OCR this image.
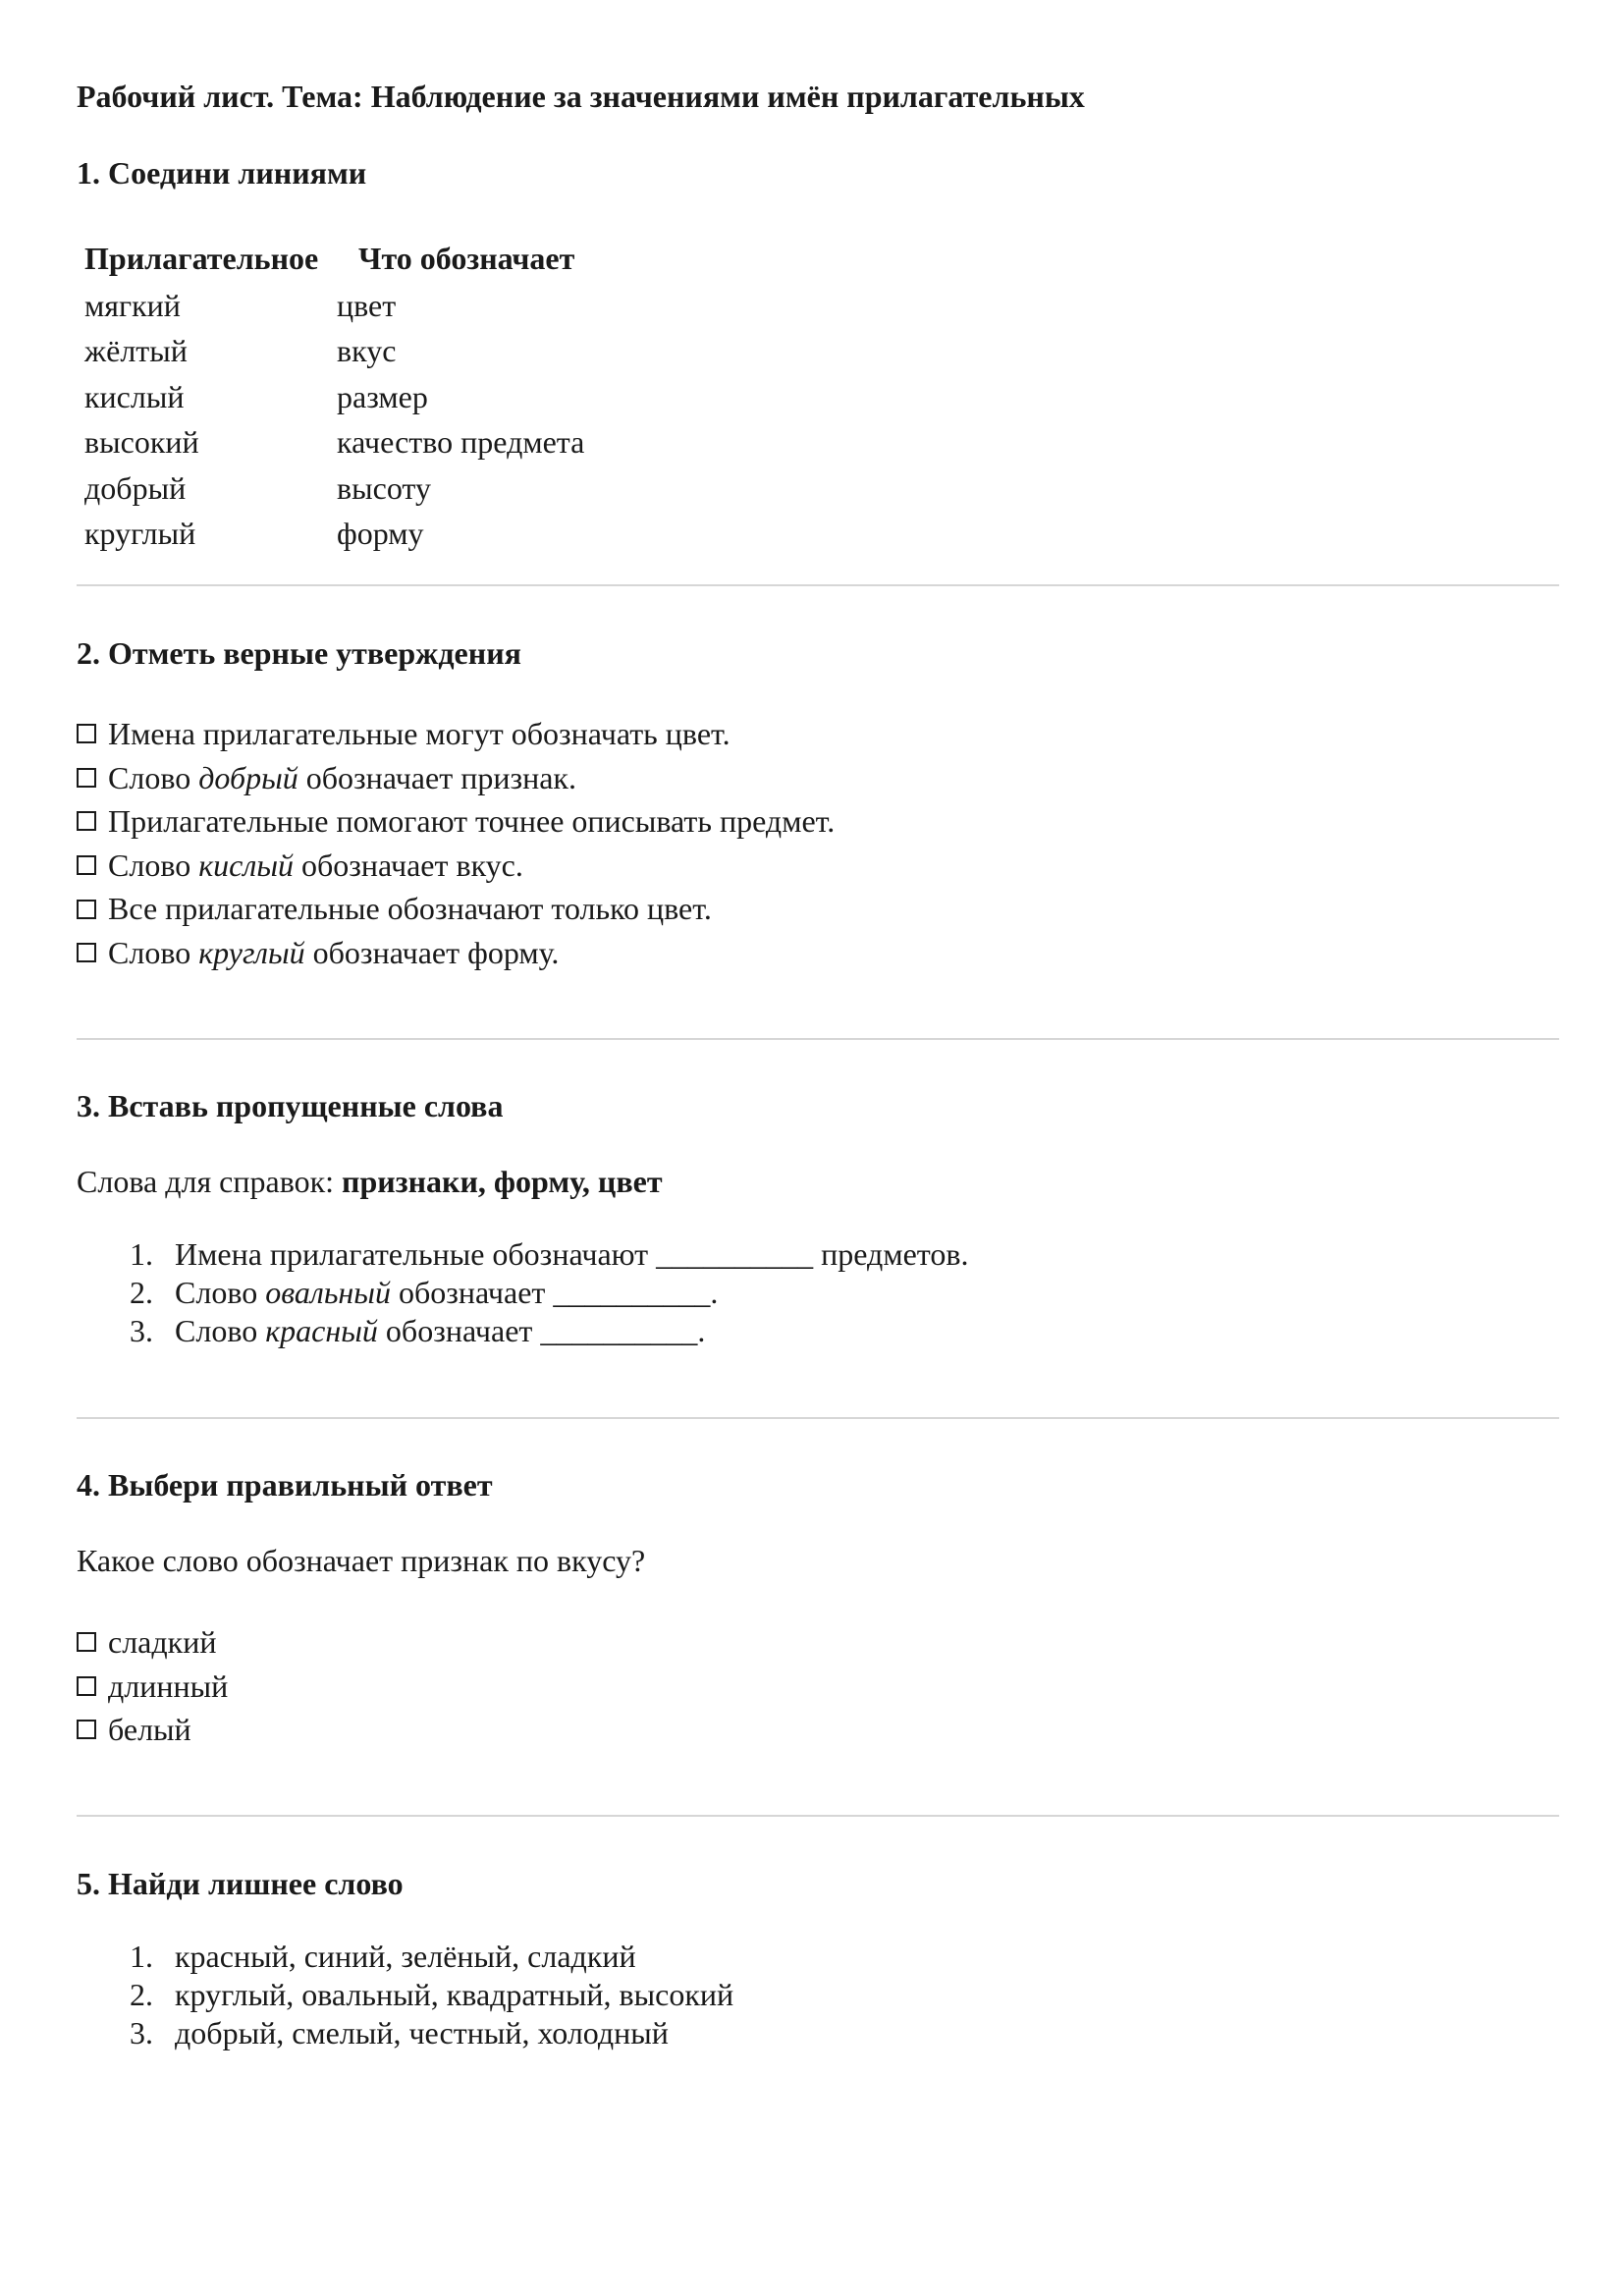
Рабочий лист. Тема: Наблюдение за значениями имён прилагательных
1. Соедини линиями
Прилагательное	Что обозначает
мягкий	цвет
жёлтый	вкус
кислый	размер
высокий	качество предмета
добрый	высоту
круглый	форму
2. Отметь верные утверждения
Имена прилагательные могут обозначать цвет.
Слово добрый обозначает признак.
Прилагательные помогают точнее описывать предмет.
Слово кислый обозначает вкус.
Все прилагательные обозначают только цвет.
Слово круглый обозначает форму.
3. Вставь пропущенные слова
Слова для справок: признаки, форму, цвет
1. Имена прилагательные обозначают __________ предметов.
2. Слово овальный обозначает __________.
3. Слово красный обозначает __________.
4. Выбери правильный ответ
Какое слово обозначает признак по вкусу?
сладкий
длинный
белый
5. Найди лишнее слово
1. красный, синий, зелёный, сладкий
2. круглый, овальный, квадратный, высокий
3. добрый, смелый, честный, холодный
